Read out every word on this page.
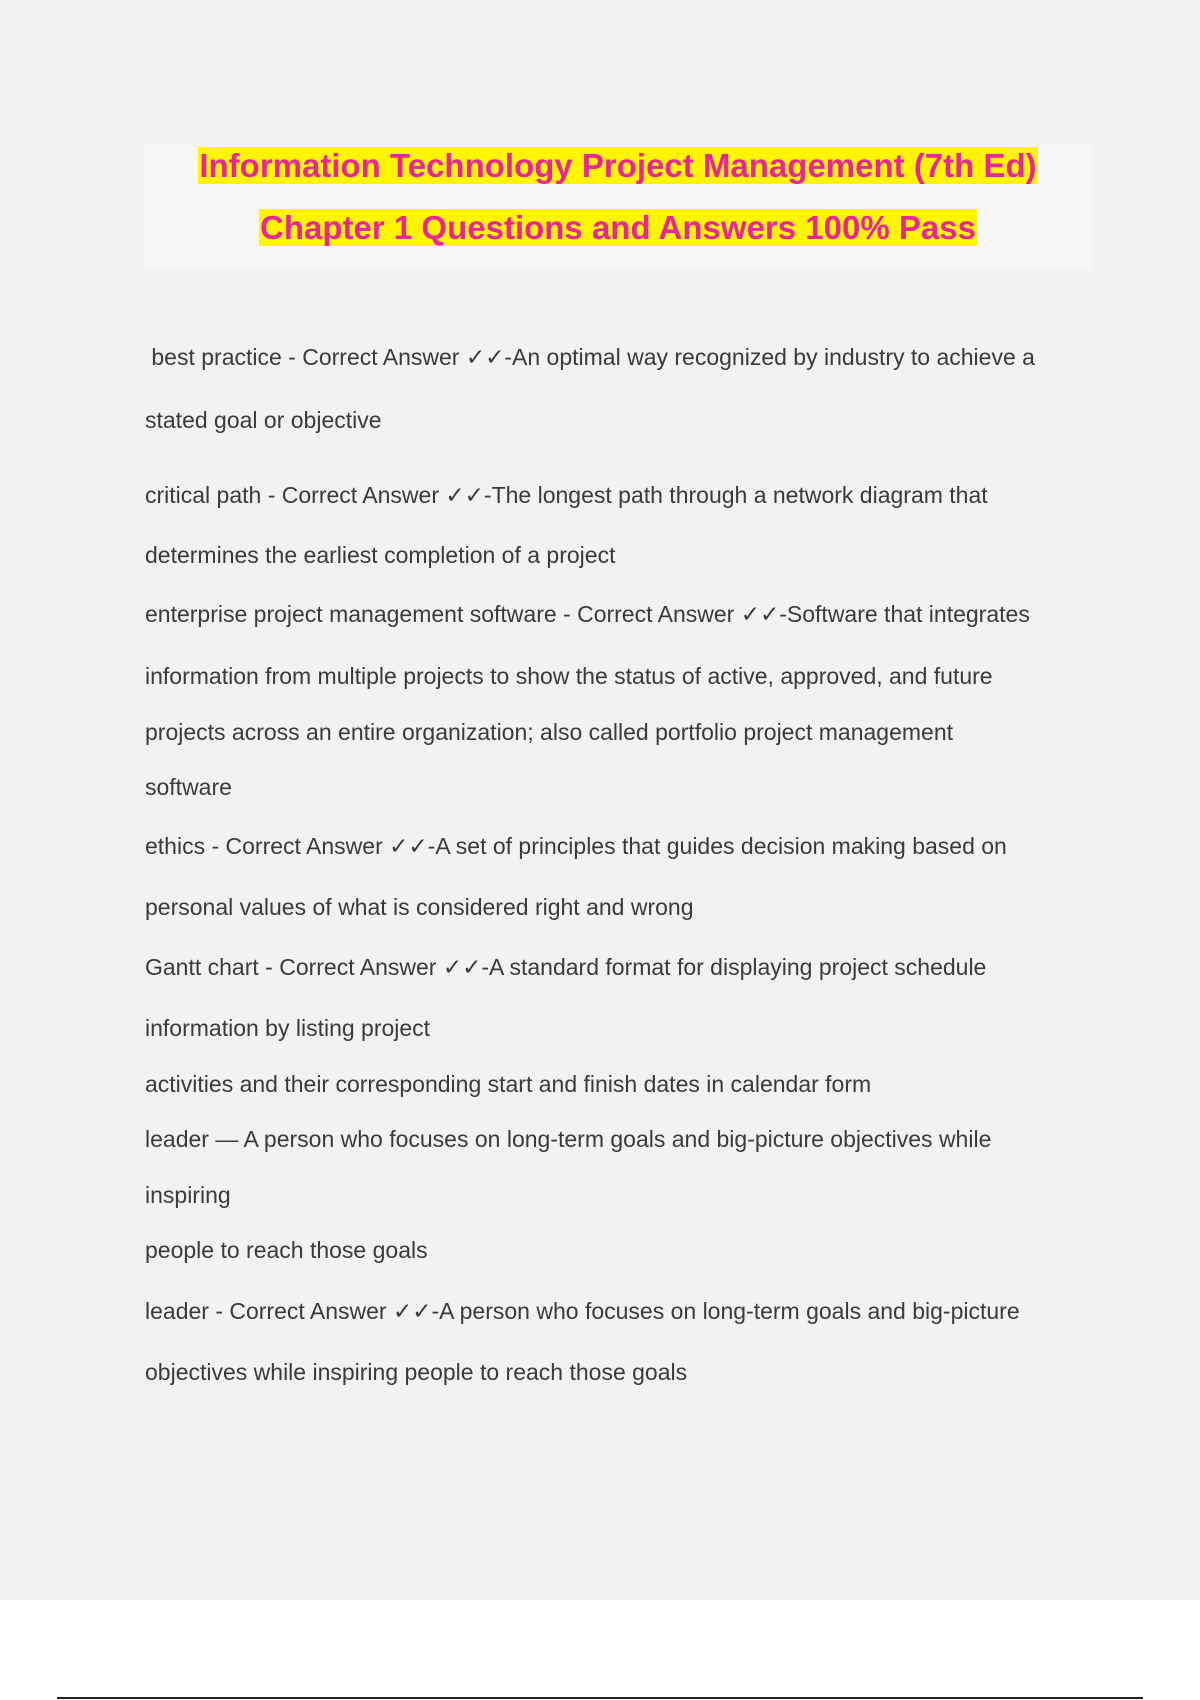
Information Technology Project Management (7th Ed)
Chapter 1 Questions and Answers 100% Pass
best practice - Correct Answer ✓✓-An optimal way recognized by industry to achieve a
stated goal or objective
critical path - Correct Answer ✓✓-The longest path through a network diagram that
determines the earliest completion of a project
enterprise project management software - Correct Answer ✓✓-Software that integrates
information from multiple projects to show the status of active, approved, and future
projects across an entire organization; also called portfolio project management
software
ethics - Correct Answer ✓✓-A set of principles that guides decision making based on
personal values of what is considered right and wrong
Gantt chart - Correct Answer ✓✓-A standard format for displaying project schedule
information by listing project
activities and their corresponding start and finish dates in calendar form
leader — A person who focuses on long-term goals and big-picture objectives while
inspiring
people to reach those goals
leader - Correct Answer ✓✓-A person who focuses on long-term goals and big-picture
objectives while inspiring people to reach those goals
